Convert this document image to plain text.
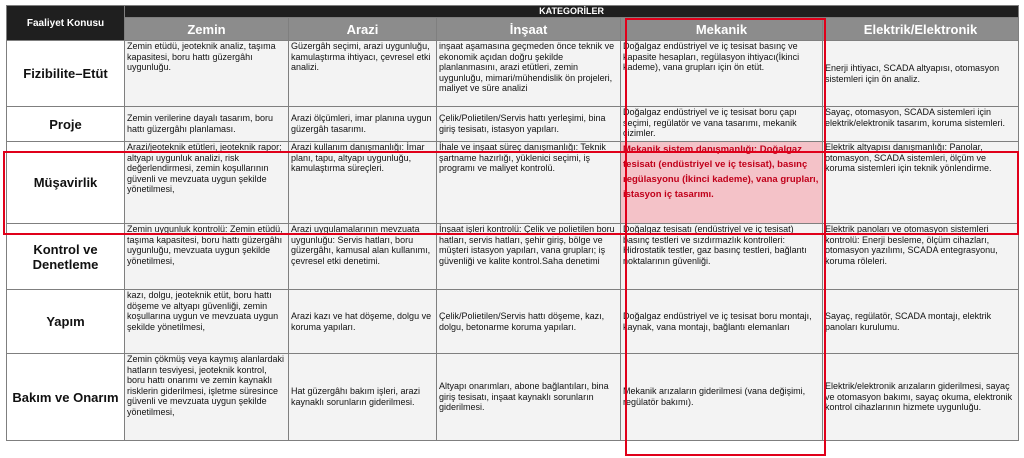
Faaliyet Konusu	KATEGORİLER				
	Zemin	Arazi	İnşaat	Mekanik	Elektrik/Elektronik
Fizibilite–Etüt	Zemin etüdü, jeoteknik analiz, taşıma kapasitesi, boru hattı güzergâhı uygunluğu.	Güzergâh seçimi, arazi uygunluğu, kamulaştırma ihtiyacı, çevresel etki analizi.	inşaat aşamasına geçmeden önce teknik ve ekonomik açıdan doğru şekilde planlanmasını, arazi etütleri, zemin uygunluğu, mimari/mühendislik ön projeleri, maliyet ve süre analizi	Doğalgaz endüstriyel ve iç tesisat basınç ve kapasite hesapları, regülasyon ihtiyacı(İkinci kademe), vana grupları için ön etüt.	Enerji ihtiyacı, SCADA altyapısı, otomasyon sistemleri için ön analiz.
Proje	Zemin verilerine dayalı tasarım, boru hattı güzergâhı planlaması.	Arazi ölçümleri, imar planına uygun güzergâh tasarımı.	Çelik/Polietilen/Servis hattı yerleşimi, bina giriş tesisatı, istasyon yapıları.	Doğalgaz endüstriyel ve iç tesisat boru çapı seçimi, regülatör ve vana tasarımı, mekanik çizimler.	Sayaç, otomasyon, SCADA sistemleri için elektrik/elektronik tasarım, koruma sistemleri.
Müşavirlik	Arazi/jeoteknik etütleri, jeoteknik rapor; altyapı uygunluk analizi, risk değerlendirmesi, zemin koşullarının güvenli ve mevzuata uygun şekilde yönetilmesi,	Arazi kullanım danışmanlığı: İmar planı, tapu, altyapı uygunluğu, kamulaştırma süreçleri.	İhale ve inşaat süreç danışmanlığı: Teknik şartname hazırlığı, yüklenici seçimi, iş programı ve maliyet kontrolü.	Mekanik sistem danışmanlığı: Doğalgaz tesisatı (endüstriyel ve iç tesisat), basınç regülasyonu (İkinci kademe), vana grupları, istasyon iç tasarımı.	Elektrik altyapısı danışmanlığı: Panolar, otomasyon, SCADA sistemleri, ölçüm ve koruma sistemleri için teknik yönlendirme.
Kontrol ve Denetleme	Zemin uygunluk kontrolü: Zemin etüdü, taşıma kapasitesi, boru hattı güzergâhı uygunluğu, mevzuata uygun şekilde yönetilmesi,	Arazi uygulamalarının mevzuata uygunluğu: Servis hatları, boru güzergâhı, kamusal alan kullanımı, çevresel etki denetimi.	İnşaat işleri kontrolü: Çelik ve polietilen boru hatları, servis hatları, şehir giriş, bölge ve müşteri istasyon yapıları, vana grupları; iş güvenliği ve kalite kontrol.Saha denetimi	Doğalgaz tesisatı (endüstriyel ve iç tesisat) basınç testleri ve sızdırmazlık kontrolleri: Hidrostatik testler, gaz basınç testleri, bağlantı noktalarının güvenliği.	Elektrik panoları ve otomasyon sistemleri kontrolü: Enerji besleme, ölçüm cihazları, otomasyon yazılımı, SCADA entegrasyonu, koruma röleleri.
Yapım	kazı, dolgu, jeoteknik etüt, boru hattı döşeme ve altyapı güvenliği, zemin koşullarına uygun ve mevzuata uygun şekilde yönetilmesi,	Arazi kazı ve hat döşeme, dolgu ve koruma yapıları.	Çelik/Polietilen/Servis hattı döşeme, kazı, dolgu, betonarme koruma yapıları.	Doğalgaz endüstriyel ve iç tesisat boru montajı, kaynak, vana montajı, bağlantı elemanları	Sayaç, regülatör, SCADA montajı, elektrik panoları kurulumu.
Bakım ve Onarım	Zemin çökmüş veya kaymış alanlardaki hatların tesviyesi, jeoteknik kontrol, boru hattı onarımı ve zemin kaynaklı risklerin giderilmesi, işletme süresince güvenli ve mevzuata uygun şekilde yönetilmesi,	Hat güzergâhı bakım işleri, arazi kaynaklı sorunların giderilmesi.	Altyapı onarımları, abone bağlantıları, bina giriş tesisatı, inşaat kaynaklı sorunların giderilmesi.	Mekanik arızaların giderilmesi (vana değişimi, regülatör bakımı).	Elektrik/elektronik arızaların giderilmesi, sayaç ve otomasyon bakımı, sayaç okuma, elektronik kontrol cihazlarının hizmete uygunluğu.
